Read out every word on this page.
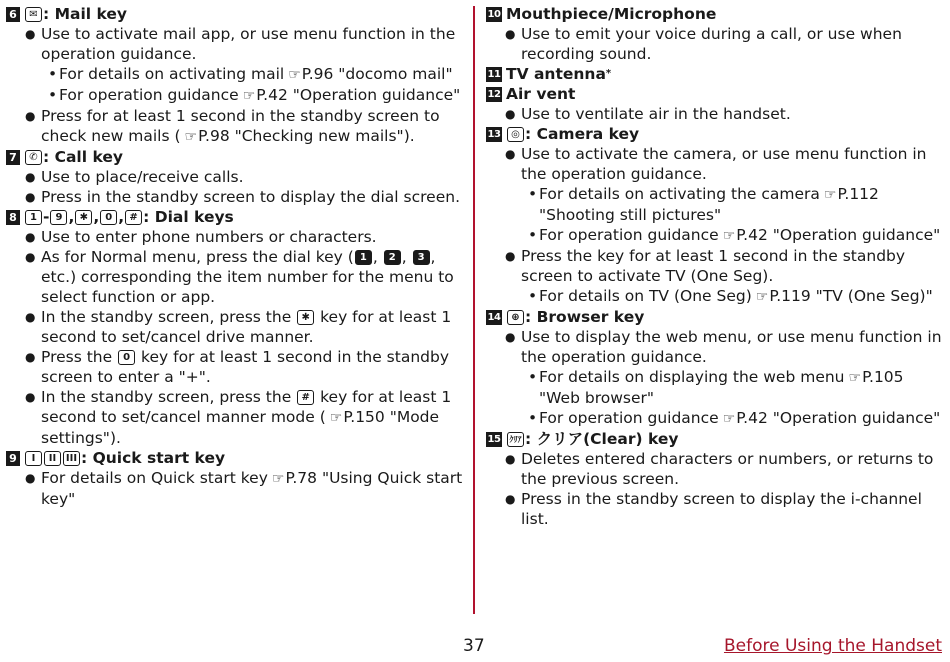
6	✉ : Mail key
● Use to activate mail app, or use menu function in the operation guidance.
• For details on activating mail ☞ P.96 "docomo mail"
• For operation guidance ☞ P.42 "Operation guidance"
● Press for at least 1 second in the standby screen to check new mails ( ☞ P.98 "Checking new mails").
7	✆ : Call key
● Use to place/receive calls.
● Press in the standby screen to display the dial screen.
8	1 - 9 , ✱ , 0 , # : Dial keys
● Use to enter phone numbers or characters.
● As for Normal menu, press the dial key ( 1 , 2 , 3 , etc.) corresponding the item number for the menu to select function or app.
● In the standby screen, press the ✱ key for at least 1 second to set/cancel drive manner.
● Press the 0 key for at least 1 second in the standby screen to enter a "+".
● In the standby screen, press the # key for at least 1 second to set/cancel manner mode ( ☞ P.150 "Mode settings").
9	I	II III : Quick start key
● For details on Quick start key ☞ P.78 "Using Quick start key"
10 Mouthpiece/Microphone
● Use to emit your voice during a call, or use when recording sound.
11 TV antenna *
12 Air vent
● Use to ventilate air in the handset.
13	◎ : Camera key
● Use to activate the camera, or use menu function in the operation guidance.
• For details on activating the camera ☞ P.112 "Shooting still pictures"
• For operation guidance ☞ P.42 "Operation guidance"
● Press the key for at least 1 second in the standby screen to activate TV (One Seg).
• For details on TV (One Seg) ☞ P.119 "TV (One Seg)"
14	⊕ : Browser key
● Use to display the web menu, or use menu function in the operation guidance.
• For details on displaying the web menu ☞ P.105 "Web browser"
• For operation guidance ☞ P.42 "Operation guidance"
15	ｸﾘｱ : クリア(Clear) key
● Deletes entered characters or numbers, or returns to the previous screen.
● Press in the standby screen to display the i-channel list.
37	Before Using the Handset
